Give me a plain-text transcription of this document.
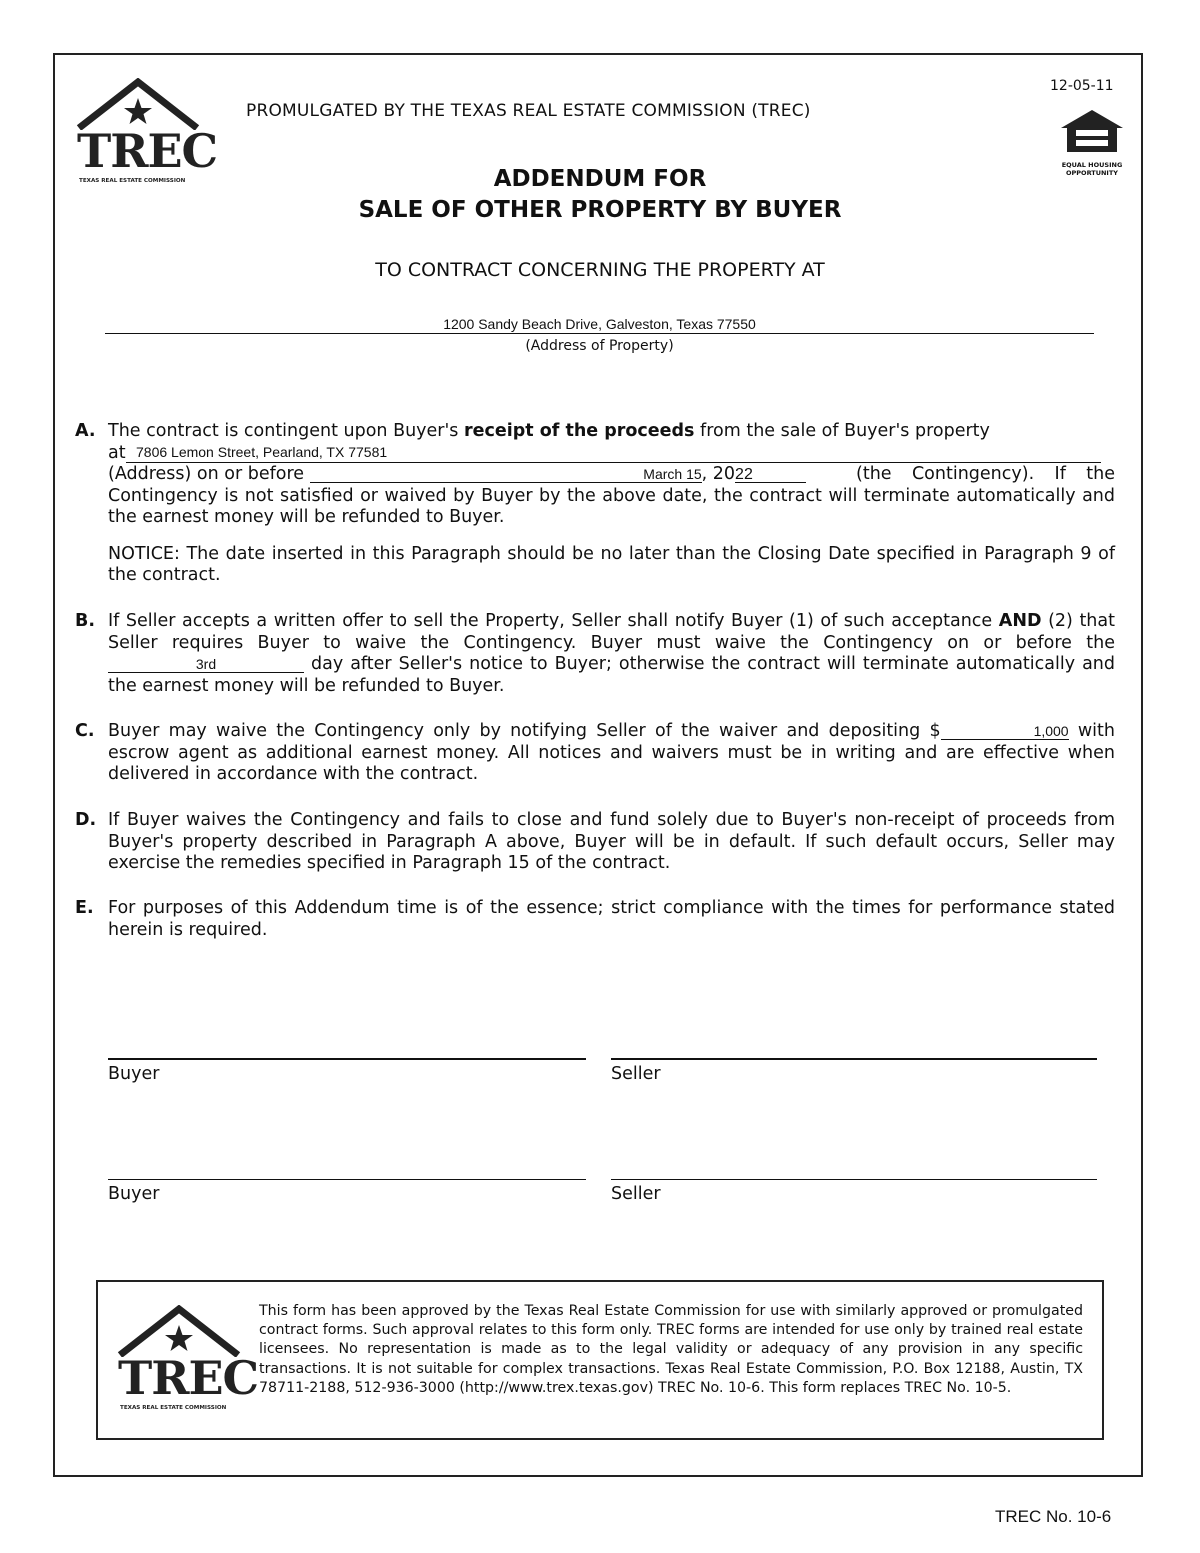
TREC
TEXAS REAL ESTATE COMMISSION
PROMULGATED BY THE TEXAS REAL ESTATE COMMISSION (TREC)
12-05-11
EQUAL HOUSING OPPORTUNITY
ADDENDUM FOR
SALE OF OTHER PROPERTY BY BUYER
TO CONTRACT CONCERNING THE PROPERTY AT
1200 Sandy Beach Drive, Galveston, Texas 77550
(Address of Property)
A. The contract is contingent upon Buyer's receipt of the proceeds from the sale of Buyer's property
at 7806 Lemon Street, Pearland, TX 77581
(Address) on or before	March 15, 2022	(the Contingency). If the Contingency is not satisfied or waived by Buyer by the above date, the contract will terminate automatically and the earnest money will be refunded to Buyer.
NOTICE: The date inserted in this Paragraph should be no later than the Closing Date specified in Paragraph 9 of the contract.
B. If Seller accepts a written offer to sell the Property, Seller shall notify Buyer (1) of such acceptance AND (2) that Seller requires Buyer to waive the Contingency. Buyer must waive the Contingency on or before the 3rd	day after Seller's notice to Buyer; otherwise the contract will terminate automatically and the earnest money will be refunded to Buyer.
C. Buyer may waive the Contingency only by notifying Seller of the waiver and depositing $	1,000 with escrow agent as additional earnest money. All notices and waivers must be in writing and are effective when delivered in accordance with the contract.
D. If Buyer waives the Contingency and fails to close and fund solely due to Buyer's non-receipt of proceeds from Buyer's property described in Paragraph A above, Buyer will be in default. If such default occurs, Seller may exercise the remedies specified in Paragraph 15 of the contract.
E. For purposes of this Addendum time is of the essence; strict compliance with the times for performance stated herein is required.
Buyer	Seller
Buyer	Seller
TREC
TEXAS REAL ESTATE COMMISSION
This form has been approved by the Texas Real Estate Commission for use with similarly approved or promulgated contract forms. Such approval relates to this form only. TREC forms are intended for use only by trained real estate licensees. No representation is made as to the legal validity or adequacy of any provision in any specific transactions. It is not suitable for complex transactions. Texas Real Estate Commission, P.O. Box 12188, Austin, TX 78711-2188, 512-936-3000 (http://www.trex.texas.gov) TREC No. 10-6. This form replaces TREC No. 10-5.
TREC No. 10-6
